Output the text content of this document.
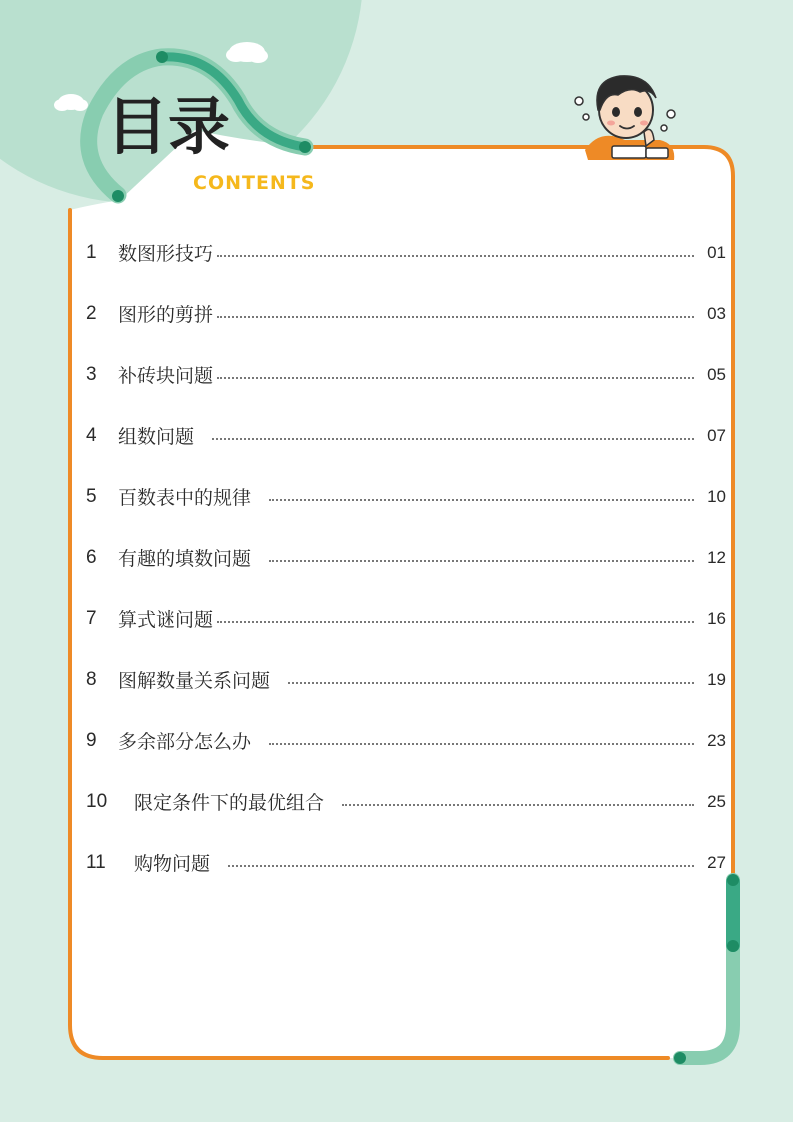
目录
CONTENTS
1	数图形技巧	01
2	图形的剪拼	03
3	补砖块问题	05
4	组数问题	07
5	百数表中的规律	10
6	有趣的填数问题	12
7	算式谜问题	16
8	图解数量关系问题	19
9	多余部分怎么办	23
10	限定条件下的最优组合	25
11	购物问题	27
